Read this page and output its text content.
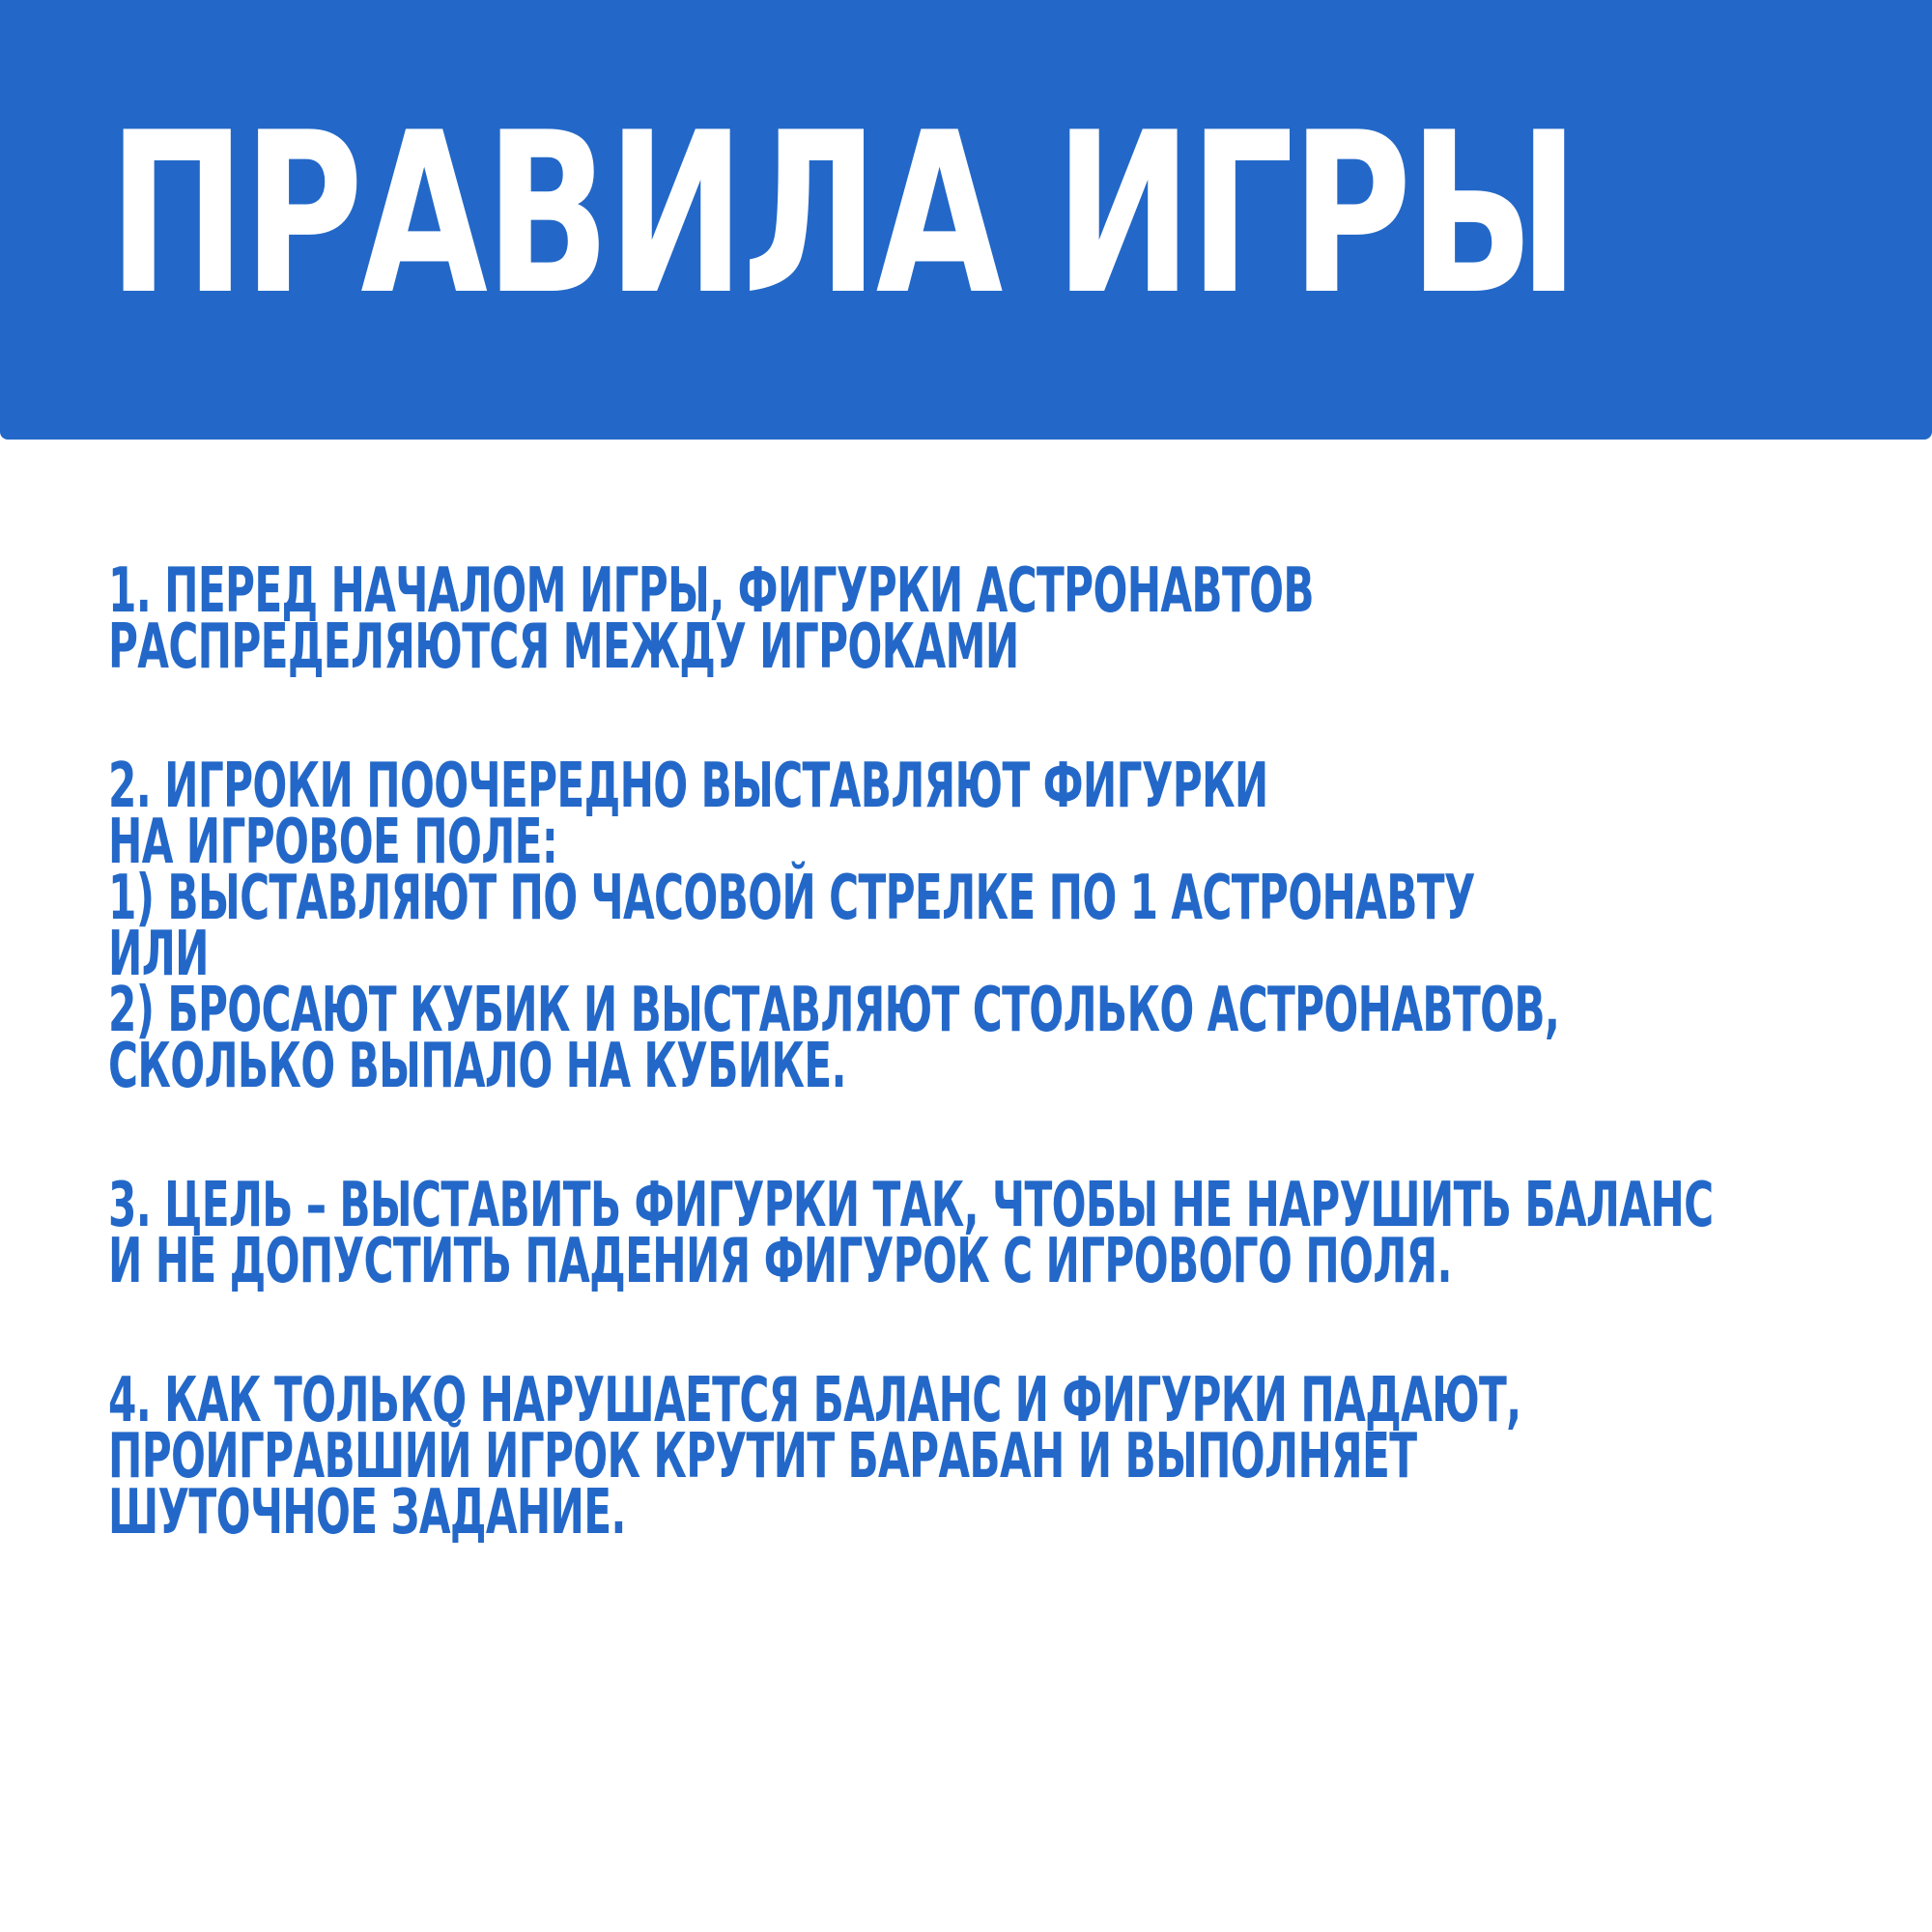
ПРАВИЛА ИГРЫ
1. ПЕРЕД НАЧАЛОМ ИГРЫ, ФИГУРКИ АСТРОНАВТОВ
РАСПРЕДЕЛЯЮТСЯ МЕЖДУ ИГРОКАМИ
2. ИГРОКИ ПООЧЕРЕДНО ВЫСТАВЛЯЮТ ФИГУРКИ
НА ИГРОВОЕ ПОЛЕ:
1) ВЫСТАВЛЯЮТ ПО ЧАСОВОЙ СТРЕЛКЕ ПО 1 АСТРОНАВТУ
ИЛИ
2) БРОСАЮТ КУБИК И ВЫСТАВЛЯЮТ СТОЛЬКО АСТРОНАВТОВ,
СКОЛЬКО ВЫПАЛО НА КУБИКЕ.
3. ЦЕЛЬ – ВЫСТАВИТЬ ФИГУРКИ ТАК, ЧТОБЫ НЕ НАРУШИТЬ БАЛАНС
И НЕ ДОПУСТИТЬ ПАДЕНИЯ ФИГУРОК С ИГРОВОГО ПОЛЯ.
4. КАК ТОЛЬКО НАРУШАЕТСЯ БАЛАНС И ФИГУРКИ ПАДАЮТ,
ПРОИГРАВШИЙ ИГРОК КРУТИТ БАРАБАН И ВЫПОЛНЯЕТ
ШУТОЧНОЕ ЗАДАНИЕ.
